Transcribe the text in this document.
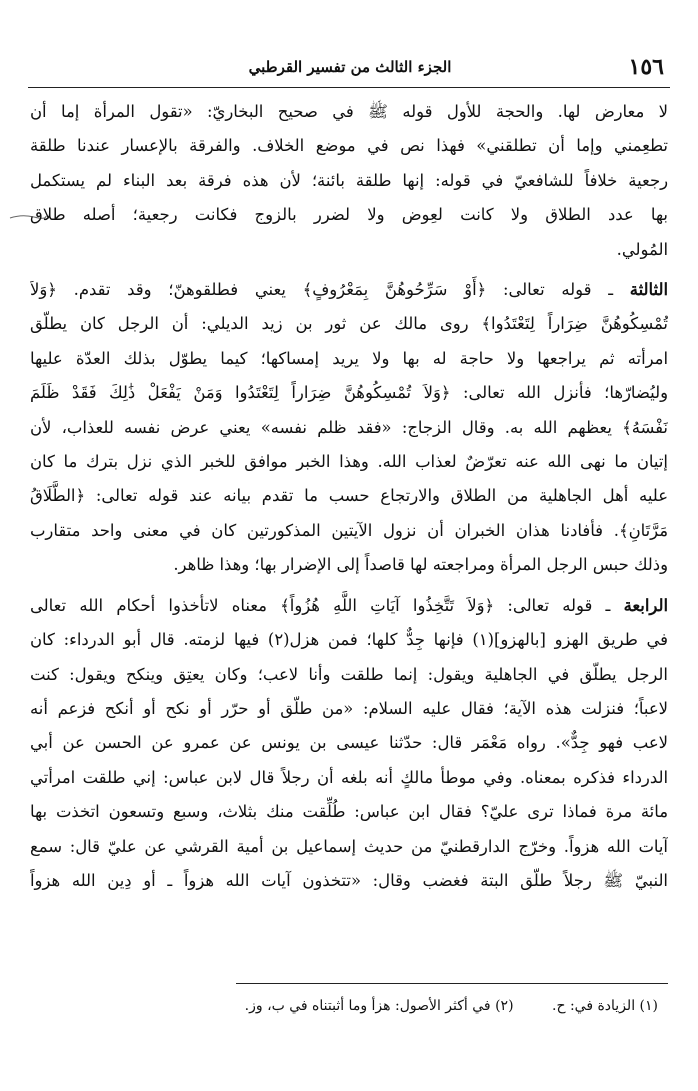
١٥٦
الجزء الثالث من تفسير القرطبي
لا معارض لها. والحجة للأول قوله ﷺ في صحيح البخاريّ: «تقول المرأة إما أن
تطعِمني وإما أن تطلقني» فهذا نص في موضع الخلاف. والفرقة بالإعسار عندنا طلقة
رجعية خلافاً للشافعيّ في قوله: إنها طلقة بائنة؛ لأن هذه فرقة بعد البناء لم يستكمل
بها عدد الطلاق ولا كانت لعِوض ولا لضرر بالزوج فكانت رجعية؛ أصله طلاق
المُولي.
الثالثة ـ قوله تعالى: ﴿أَوْ سَرِّحُوهُنَّ بِمَعْرُوفٍ﴾ يعني فطلقوهنّ؛ وقد تقدم. ﴿وَلاَ
تُمْسِكُوهُنَّ ضِرَاراً لِتَعْتَدُوا﴾ روى مالك عن ثور بن زيد الديلي: أن الرجل كان يطلّق
امرأته ثم يراجعها ولا حاجة له بها ولا يريد إمساكها؛ كيما يطوّل بذلك العدّة عليها
وليُضارّها؛ فأنزل الله تعالى: ﴿وَلاَ تُمْسِكُوهُنَّ ضِرَاراً لِتَعْتَدُوا وَمَنْ يَفْعَلْ ذَٰلِكَ فَقَدْ ظَلَمَ
نَفْسَهُ﴾ يعظهم الله به. وقال الزجاج: «فقد ظلم نفسه» يعني عرض نفسه للعذاب، لأن
إتيان ما نهى الله عنه تعرّضٌ لعذاب الله. وهذا الخبر موافق للخبر الذي نزل بترك ما كان
عليه أهل الجاهلية من الطلاق والارتجاع حسب ما تقدم بيانه عند قوله تعالى: ﴿الطَّلَاقُ
مَرَّتَانِ﴾. فأفادنا هذان الخبران أن نزول الآيتين المذكورتين كان في معنى واحد متقارب
وذلك حبس الرجل المرأة ومراجعته لها قاصداً إلى الإضرار بها؛ وهذا ظاهر.
الرابعة ـ قوله تعالى: ﴿وَلاَ تَتَّخِذُوا آيَاتِ اللَّهِ هُزُواً﴾ معناه لاتأخذوا أحكام الله تعالى
في طريق الهزو [بالهزو](١) فإنها جِدٌّ كلها؛ فمن هزل(٢) فيها لزمته. قال أبو الدرداء: كان
الرجل يطلّق في الجاهلية ويقول: إنما طلقت وأنا لاعب؛ وكان يعتِق وينكح ويقول: كنت
لاعباً؛ فنزلت هذه الآية؛ فقال عليه السلام: «من طلّق أو حرّر أو نكح أو أنكح فزعم أنه
لاعب فهو جِدٌّ». رواه مَعْمَر قال: حدّثنا عيسى بن يونس عن عمرو عن الحسن عن أبي
الدرداء فذكره بمعناه. وفي موطأ مالكٍ أنه بلغه أن رجلاً قال لابن عباس: إني طلقت امرأتي
مائة مرة فماذا ترى عليّ؟ فقال ابن عباس: طُلِّقت منك بثلاث، وسبع وتسعون اتخذت بها
آيات الله هزواً. وخرّج الدارقطنيّ من حديث إسماعيل بن أمية القرشي عن عليّ قال: سمع
النبيّ ﷺ رجلاً طلّق البتة فغضب وقال: «تتخذون آيات الله هزواً ـ أو دِين الله هزواً
(١) الزيادة في: ح. (٢) في أكثر الأصول: هزأ وما أثبتناه في ب، وز.
